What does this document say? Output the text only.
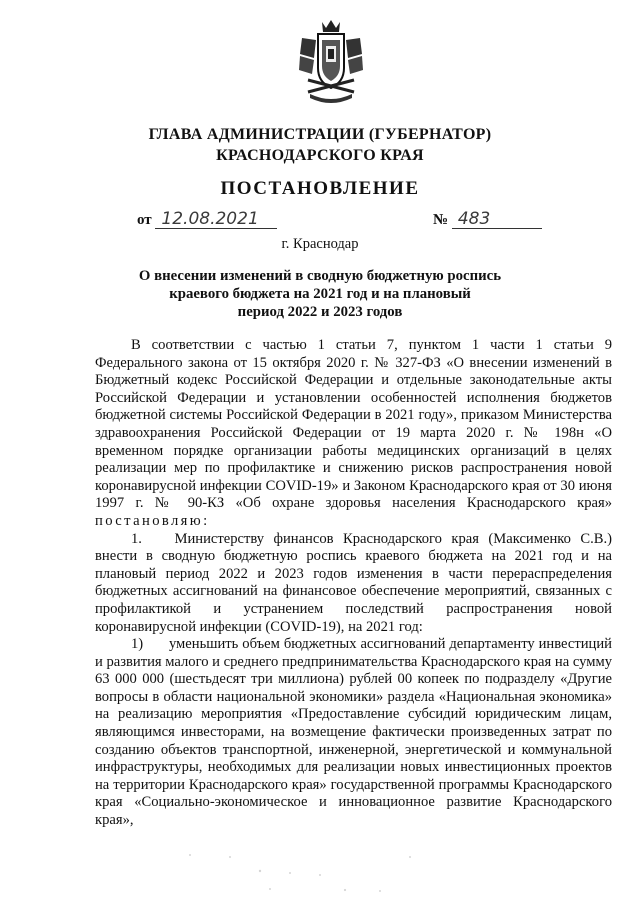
ГЛАВА АДМИНИСТРАЦИИ (ГУБЕРНАТОР)
КРАСНОДАРСКОГО КРАЯ
ПОСТАНОВЛЕНИЕ
от 12.08.2021	№ 483
г. Краснодар
О внесении изменений в сводную бюджетную роспись
краевого бюджета на 2021 год и на плановый
период 2022 и 2023 годов

В соответствии с частью 1 статьи 7, пунктом 1 части 1 статьи 9 Федерального закона от 15 октября 2020 г. № 327-ФЗ «О внесении изменений в Бюджетный кодекс Российской Федерации и отдельные законодательные акты Российской Федерации и установлении особенностей исполнения бюджетов бюджетной системы Российской Федерации в 2021 году», приказом Министерства здравоохранения Российской Федерации от 19 марта 2020 г. № 198н «О временном порядке организации работы медицинских организаций в целях реализации мер по профилактике и снижению рисков распространения новой коронавирусной инфекции COVID-19» и Законом Краснодарского края от 30 июня 1997 г. № 90-КЗ «Об охране здоровья населения Краснодарского края» постановляю:

1. Министерству финансов Краснодарского края (Максименко С.В.) внести в сводную бюджетную роспись краевого бюджета на 2021 год и на плановый период 2022 и 2023 годов изменения в части перераспределения бюджетных ассигнований на финансовое обеспечение мероприятий, связанных с профилактикой и устранением последствий распространения новой коронавирусной инфекции (COVID-19), на 2021 год:

1) уменьшить объем бюджетных ассигнований департаменту инвестиций и развития малого и среднего предпринимательства Краснодарского края на сумму 63 000 000 (шестьдесят три миллиона) рублей 00 копеек по подразделу «Другие вопросы в области национальной экономики» раздела «Национальная экономика» на реализацию мероприятия «Предоставление субсидий юридическим лицам, являющимся инвесторами, на возмещение фактически произведенных затрат по созданию объектов транспортной, инженерной, энергетической и коммунальной инфраструктуры, необходимых для реализации новых инвестиционных проектов на территории Краснодарского края» государственной программы Краснодарского края «Социально-экономическое и инновационное развитие Краснодарского края»,
